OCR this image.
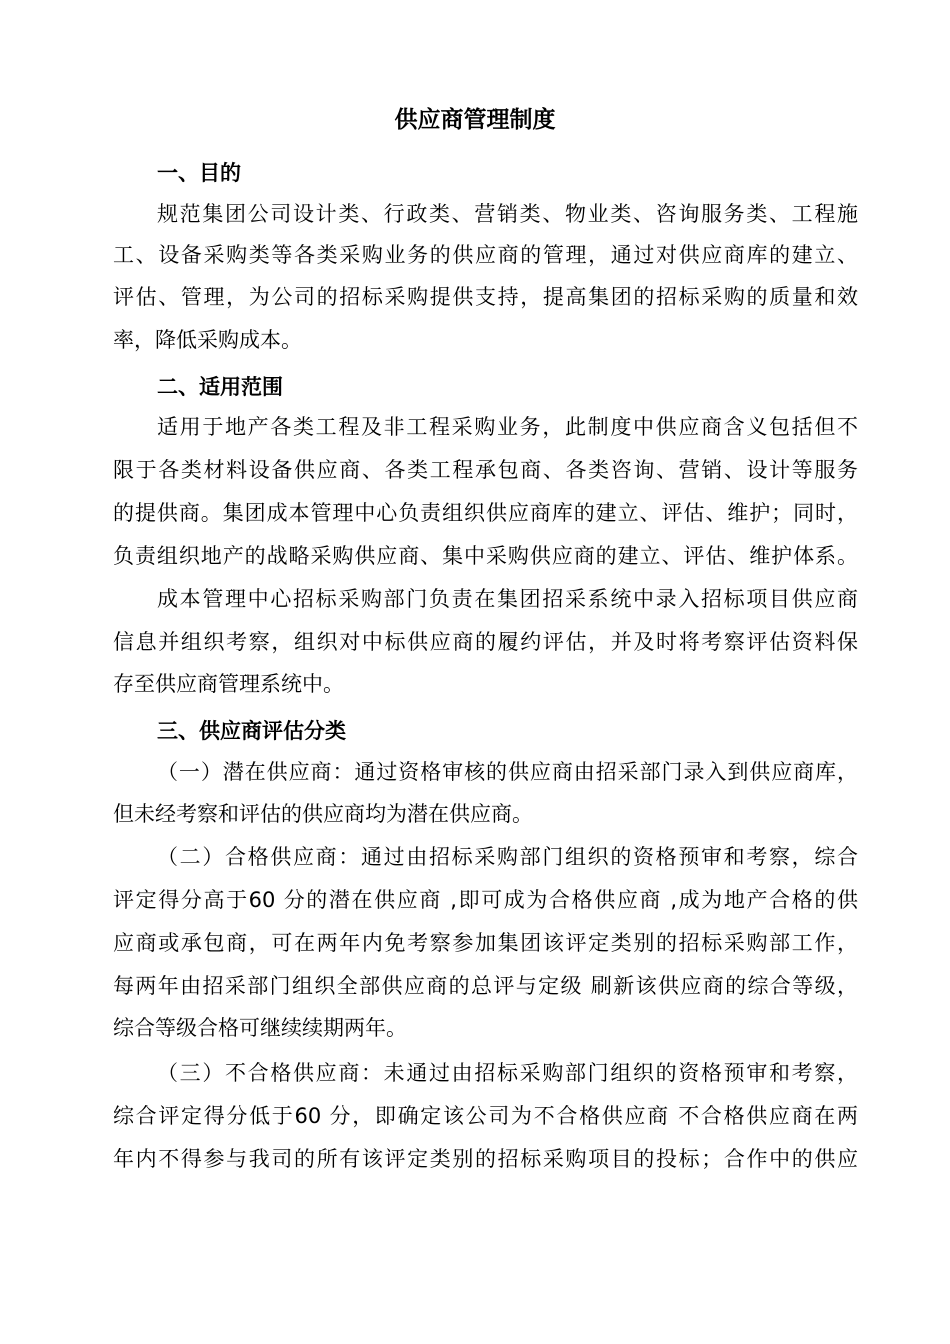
供应商管理制度
一、目的
规范集团公司设计类、行政类、营销类、物业类、咨询服务类、工程施
工、设备采购类等各类采购业务的供应商的管理，通过对供应商库的建立、
评估、管理，为公司的招标采购提供支持，提高集团的招标采购的质量和效
率，降低采购成本。
二、适用范围
适用于地产各类工程及非工程采购业务，此制度中供应商含义包括但不
限于各类材料设备供应商、各类工程承包商、各类咨询、营销、设计等服务
的提供商。集团成本管理中心负责组织供应商库的建立、评估、维护；同时，
负责组织地产的战略采购供应商、集中采购供应商的建立、评估、维护体系。
成本管理中心招标采购部门负责在集团招采系统中录入招标项目供应商
信息并组织考察，组织对中标供应商的履约评估，并及时将考察评估资料保
存至供应商管理系统中。
三、供应商评估分类
（一）潜在供应商：通过资格审核的供应商由招采部门录入到供应商库，
但未经考察和评估的供应商均为潜在供应商。
（二）合格供应商：通过由招标采购部门组织的资格预审和考察，综合
评定得分高于60 分的潜在供应商 ,即可成为合格供应商 ,成为地产合格的供
应商或承包商，可在两年内免考察参加集团该评定类别的招标采购部工作，
每两年由招采部门组织全部供应商的总评与定级 刷新该供应商的综合等级，
综合等级合格可继续续期两年。
（三）不合格供应商：未通过由招标采购部门组织的资格预审和考察，
综合评定得分低于60 分，即确定该公司为不合格供应商 不合格供应商在两
年内不得参与我司的所有该评定类别的招标采购项目的投标；合作中的供应
